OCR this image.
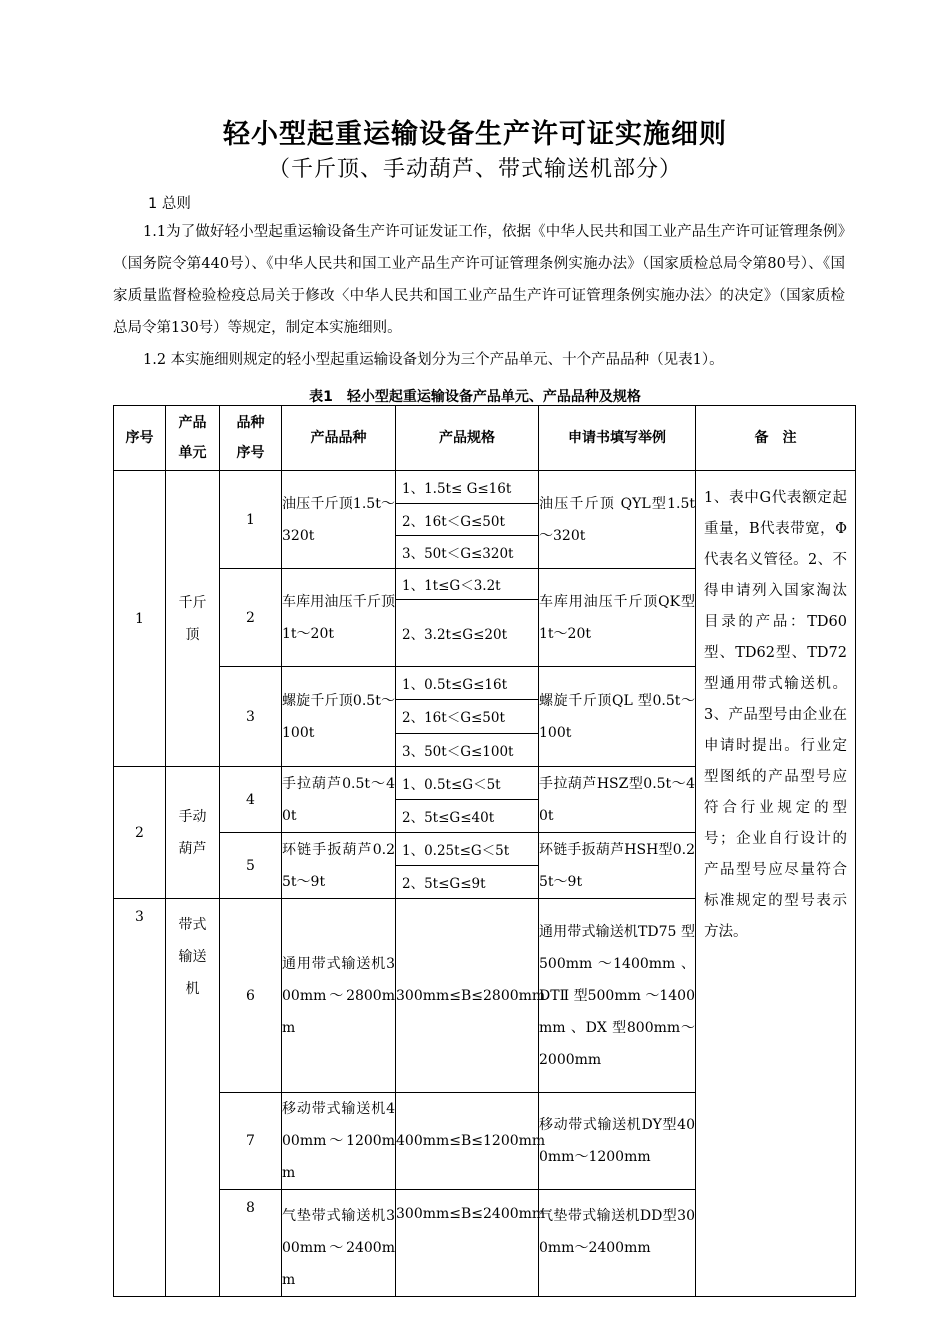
轻小型起重运输设备生产许可证实施细则
（千斤顶、手动葫芦、带式输送机部分）
1 总则

1.1为了做好轻小型起重运输设备生产许可证发证工作，依据《中华人民共和国工业产品生产许可证管理条例》（国务院令第440号）、《中华人民共和国工业产品生产许可证管理条例实施办法》（国家质检总局令第80号）、《国家质量监督检验检疫总局关于修改〈中华人民共和国工业产品生产许可证管理条例实施办法〉的决定》（国家质检总局令第130号）等规定，制定本实施细则。

1.2 本实施细则规定的轻小型起重运输设备划分为三个产品单元、十个产品品种（见表1）。

表1　轻小型起重运输设备产品单元、产品品种及规格
序号	产品单元	品种序号	产品品种	产品规格	申请书填写举例	备　注
1	千斤顶	1	油压千斤顶1.5t～320t	1、1.5t≤ G≤16t
2、16t＜G≤50t
3、50t＜G≤320t	油压千斤顶 QYL型1.5t～320t	1、表中G代表额定起重量，B代表带宽，Φ代表名义管径。2、不得申请列入国家淘汰目录的产品：TD60型、TD62型、TD72型通用带式输送机。3、产品型号由企业在申请时提出。行业定型图纸的产品型号应符合行业规定的型号；企业自行设计的产品型号应尽量符合标准规定的型号表示方法。
		2	车库用油压千斤顶1t～20t	1、1t≤G＜3.2t
2、3.2t≤G≤20t	车库用油压千斤顶QK型1t～20t	
		3	螺旋千斤顶0.5t～100t	1、0.5t≤G≤16t
2、16t＜G≤50t
3、50t＜G≤100t	螺旋千斤顶QL 型0.5t～100t	
2	手动葫芦	4	手拉葫芦0.5t～40t	1、0.5t≤G＜5t
2、5t≤G≤40t	手拉葫芦HSZ型0.5t～40t	
		5	环链手扳葫芦0.25t～9t	1、0.25t≤G＜5t
2、5t≤G≤9t	环链手扳葫芦HSH型0.25t～9t	
3	带式输送机	6	通用带式输送机300mm～2800mm	300mm≤B≤2800mm	通用带式输送机TD75 型 500mm ～1400mm 、DTⅡ 型500mm ～1400mm 、DX 型800mm～2000mm	
		7	移动带式输送机400mm～1200mm	400mm≤B≤1200mm	移动带式输送机DY型400mm～1200mm	
		8	气垫带式输送机300mm～2400mm	300mm≤B≤2400mm	气垫带式输送机DD型300mm～2400mm	
